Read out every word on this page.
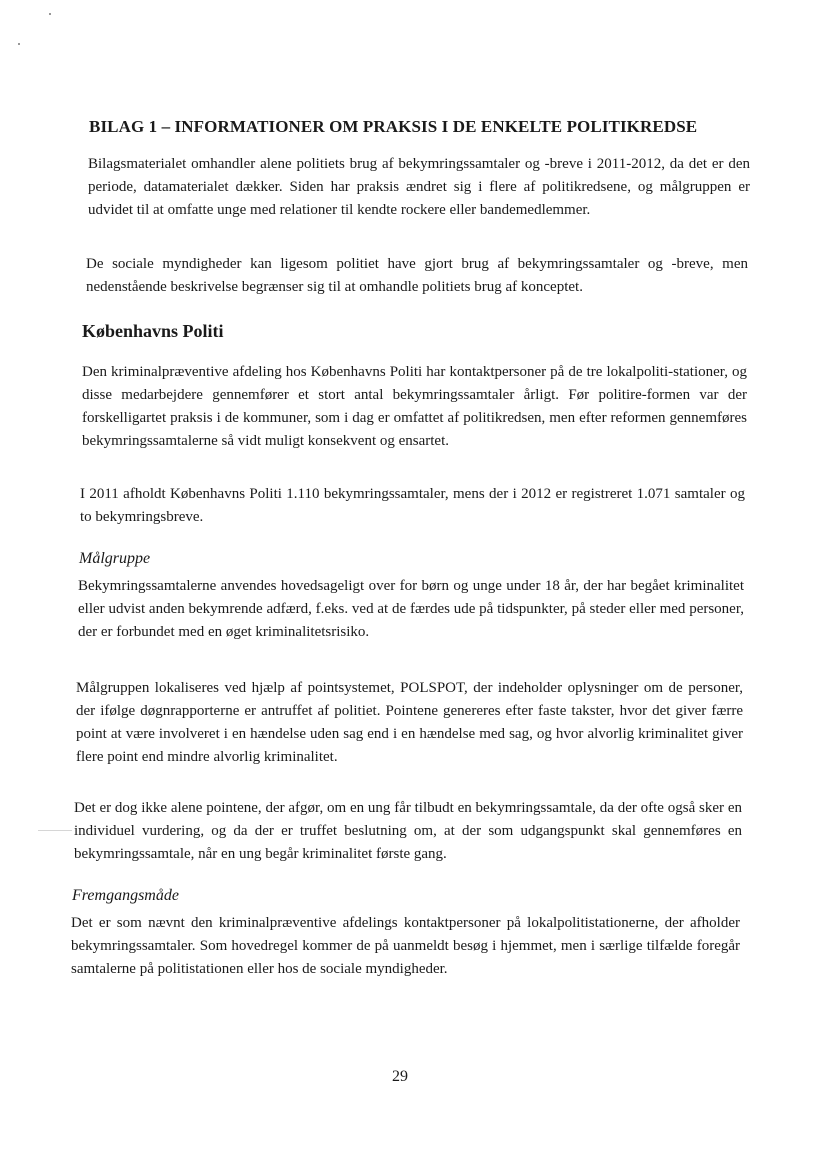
BILAG 1 – INFORMATIONER OM PRAKSIS I DE ENKELTE POLITIKREDSE

Bilagsmaterialet omhandler alene politiets brug af bekymringssamtaler og -breve i 2011-2012, da det er den periode, datamaterialet dækker. Siden har praksis ændret sig i flere af politikredsene, og målgruppen er udvidet til at omfatte unge med relationer til kendte rockere eller bandemedlemmer.

De sociale myndigheder kan ligesom politiet have gjort brug af bekymringssamtaler og -breve, men nedenstående beskrivelse begrænser sig til at omhandle politiets brug af konceptet.

Københavns Politi

Den kriminalpræventive afdeling hos Københavns Politi har kontaktpersoner på de tre lokalpoliti-stationer, og disse medarbejdere gennemfører et stort antal bekymringssamtaler årligt. Før politire-formen var der forskelligartet praksis i de kommuner, som i dag er omfattet af politikredsen, men efter reformen gennemføres bekymringssamtalerne så vidt muligt konsekvent og ensartet.

I 2011 afholdt Københavns Politi 1.110 bekymringssamtaler, mens der i 2012 er registreret 1.071 samtaler og to bekymringsbreve.

Målgruppe

Bekymringssamtalerne anvendes hovedsageligt over for børn og unge under 18 år, der har begået kriminalitet eller udvist anden bekymrende adfærd, f.eks. ved at de færdes ude på tidspunkter, på steder eller med personer, der er forbundet med en øget kriminalitetsrisiko.

Målgruppen lokaliseres ved hjælp af pointsystemet, POLSPOT, der indeholder oplysninger om de personer, der ifølge døgnrapporterne er antruffet af politiet. Pointene genereres efter faste takster, hvor det giver færre point at være involveret i en hændelse uden sag end i en hændelse med sag, og hvor alvorlig kriminalitet giver flere point end mindre alvorlig kriminalitet.

Det er dog ikke alene pointene, der afgør, om en ung får tilbudt en bekymringssamtale, da der ofte også sker en individuel vurdering, og da der er truffet beslutning om, at der som udgangspunkt skal gennemføres en bekymringssamtale, når en ung begår kriminalitet første gang.

Fremgangsmåde

Det er som nævnt den kriminalpræventive afdelings kontaktpersoner på lokalpolitistationerne, der afholder bekymringssamtaler. Som hovedregel kommer de på uanmeldt besøg i hjemmet, men i særlige tilfælde foregår samtalerne på politistationen eller hos de sociale myndigheder.

29
